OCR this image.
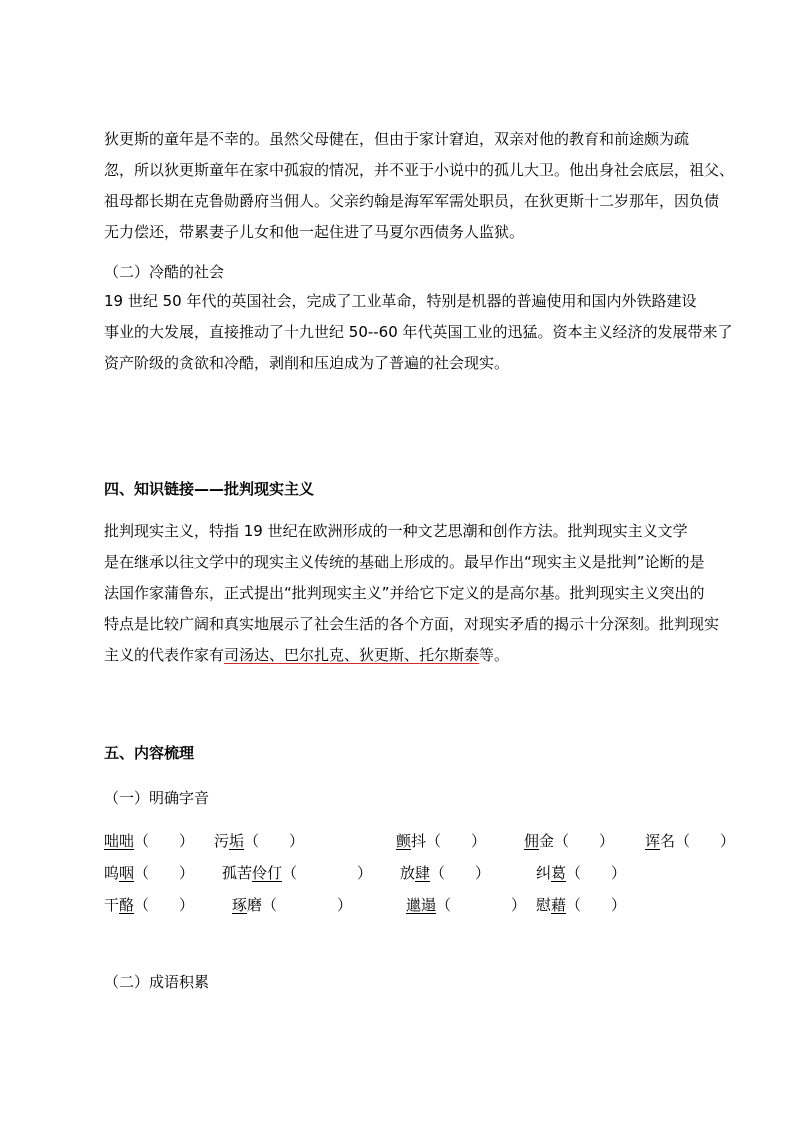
狄更斯的童年是不幸的。虽然父母健在，但由于家计窘迫，双亲对他的教育和前途颇为疏
忽，所以狄更斯童年在家中孤寂的情况，并不亚于小说中的孤儿大卫。他出身社会底层，祖父、
祖母都长期在克鲁勋爵府当佣人。父亲约翰是海军军需处职员，在狄更斯十二岁那年，因负债
无力偿还，带累妻子儿女和他一起住进了马夏尔西债务人监狱。

（二）冷酷的社会

19 世纪 50 年代的英国社会，完成了工业革命，特别是机器的普遍使用和国内外铁路建设
事业的大发展，直接推动了十九世纪 50--60 年代英国工业的迅猛。资本主义经济的发展带来了
资产阶级的贪欲和冷酷，剥削和压迫成为了普遍的社会现实。

四、知识链接——批判现实主义

批判现实主义，特指 19 世纪在欧洲形成的一种文艺思潮和创作方法。批判现实主义文学
是在继承以往文学中的现实主义传统的基础上形成的。最早作出“现实主义是批判”论断的是
法国作家蒲鲁东，正式提出“批判现实主义”并给它下定义的是高尔基。批判现实主义突出的
特点是比较广阔和真实地展示了社会生活的各个方面，对现实矛盾的揭示十分深刻。批判现实
主义的代表作家有司汤达、巴尔扎克、狄更斯、托尔斯泰等。

五、内容梳理
（一）明确字音
咄咄（　　） 污垢（　　）	颤抖（　　）	佣金（　　） 诨名（　　）
呜咽（　　） 孤苦伶仃（　　　　） 放肆（　　）	纠葛（　　）
干酪（　　）	琢磨（　　　　）	邋遢（　　　　） 慰藉（　　）
（二）成语积累
